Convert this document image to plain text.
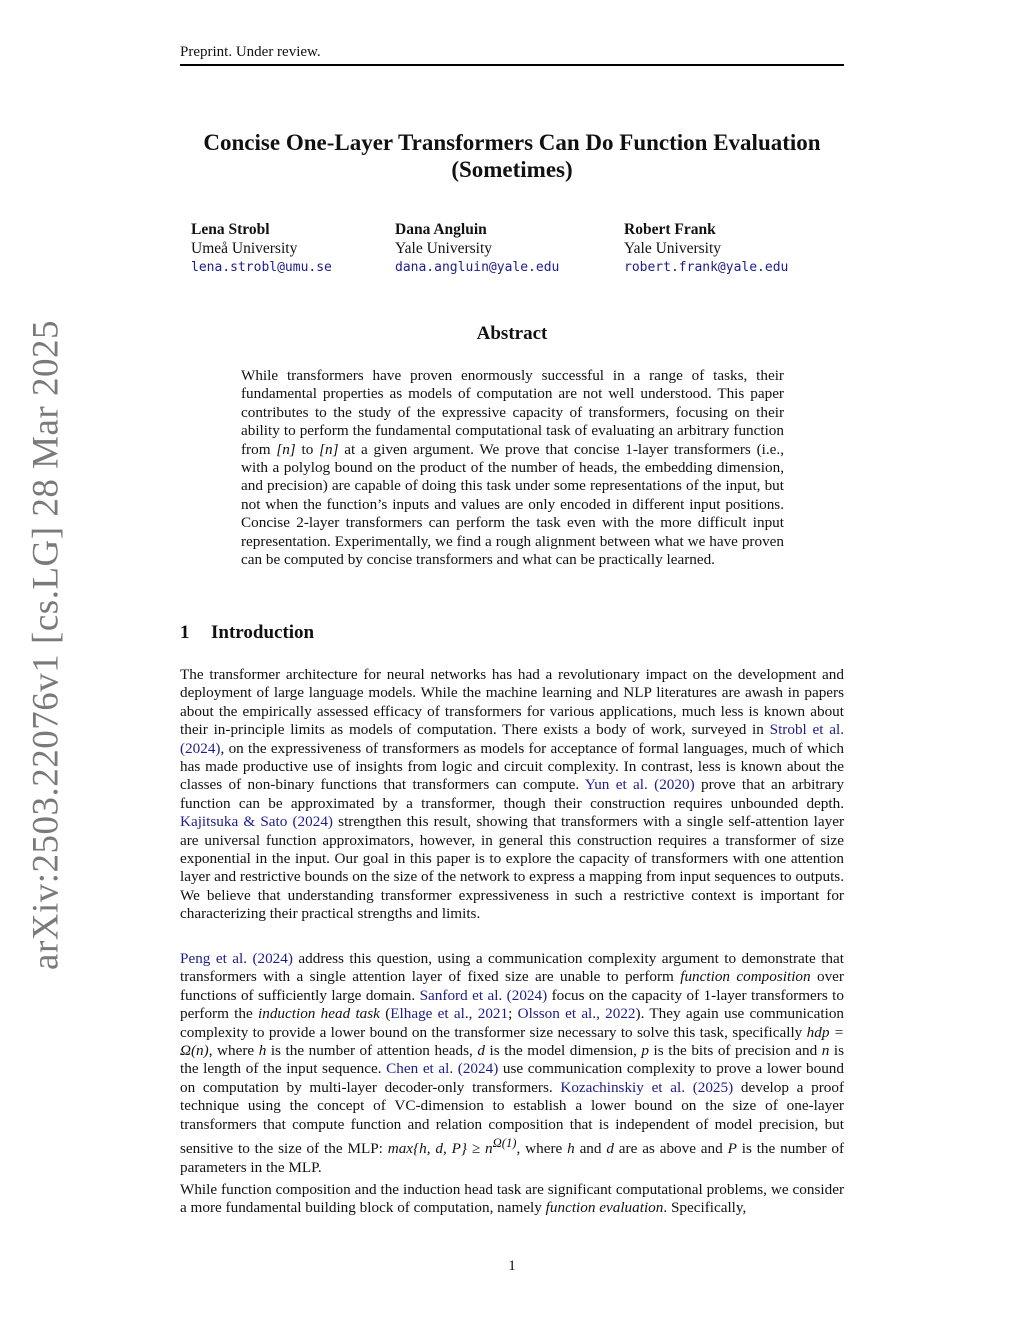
Preprint. Under review.
arXiv:2503.22076v1 [cs.LG] 28 Mar 2025
Concise One-Layer Transformers Can Do Function Evaluation
(Sometimes)
Lena Strobl
Umeå University
lena.strobl@umu.se
Dana Angluin
Yale University
dana.angluin@yale.edu
Robert Frank
Yale University
robert.frank@yale.edu
Abstract
While transformers have proven enormously successful in a range of tasks, their fundamental properties as models of computation are not well understood. This paper contributes to the study of the expressive capacity of transformers, focusing on their ability to perform the fundamental computational task of evaluating an arbitrary function from [n] to [n] at a given argument. We prove that concise 1-layer transformers (i.e., with a polylog bound on the product of the number of heads, the embedding dimension, and precision) are capable of doing this task under some representations of the input, but not when the function’s inputs and values are only encoded in different input positions. Concise 2-layer transformers can perform the task even with the more difficult input representation. Experimentally, we find a rough alignment between what we have proven can be computed by concise transformers and what can be practically learned.
1 Introduction
The transformer architecture for neural networks has had a revolutionary impact on the development and deployment of large language models. While the machine learning and NLP literatures are awash in papers about the empirically assessed efficacy of transformers for various applications, much less is known about their in-principle limits as models of computation. There exists a body of work, surveyed in Strobl et al. (2024), on the expressiveness of transformers as models for acceptance of formal languages, much of which has made productive use of insights from logic and circuit complexity. In contrast, less is known about the classes of non-binary functions that transformers can compute. Yun et al. (2020) prove that an arbitrary function can be approximated by a transformer, though their construction requires unbounded depth. Kajitsuka & Sato (2024) strengthen this result, showing that transformers with a single self-attention layer are universal function approximators, however, in general this construction requires a transformer of size exponential in the input. Our goal in this paper is to explore the capacity of transformers with one attention layer and restrictive bounds on the size of the network to express a mapping from input sequences to outputs. We believe that understanding transformer expressiveness in such a restrictive context is important for characterizing their practical strengths and limits.
Peng et al. (2024) address this question, using a communication complexity argument to demonstrate that transformers with a single attention layer of fixed size are unable to perform function composition over functions of sufficiently large domain. Sanford et al. (2024) focus on the capacity of 1-layer transformers to perform the induction head task (Elhage et al., 2021; Olsson et al., 2022). They again use communication complexity to provide a lower bound on the transformer size necessary to solve this task, specifically hdp = Ω(n), where h is the number of attention heads, d is the model dimension, p is the bits of precision and n is the length of the input sequence. Chen et al. (2024) use communication complexity to prove a lower bound on computation by multi-layer decoder-only transformers. Kozachinskiy et al. (2025) develop a proof technique using the concept of VC-dimension to establish a lower bound on the size of one-layer transformers that compute function and relation composition that is independent of model precision, but sensitive to the size of the MLP: max{h, d, $P\} \ge n^{\Omega(1)}$, where h and d are as above and P is the number of parameters in the MLP.
While function composition and the induction head task are significant computational problems, we consider a more fundamental building block of computation, namely function evaluation. Specifically,
1
